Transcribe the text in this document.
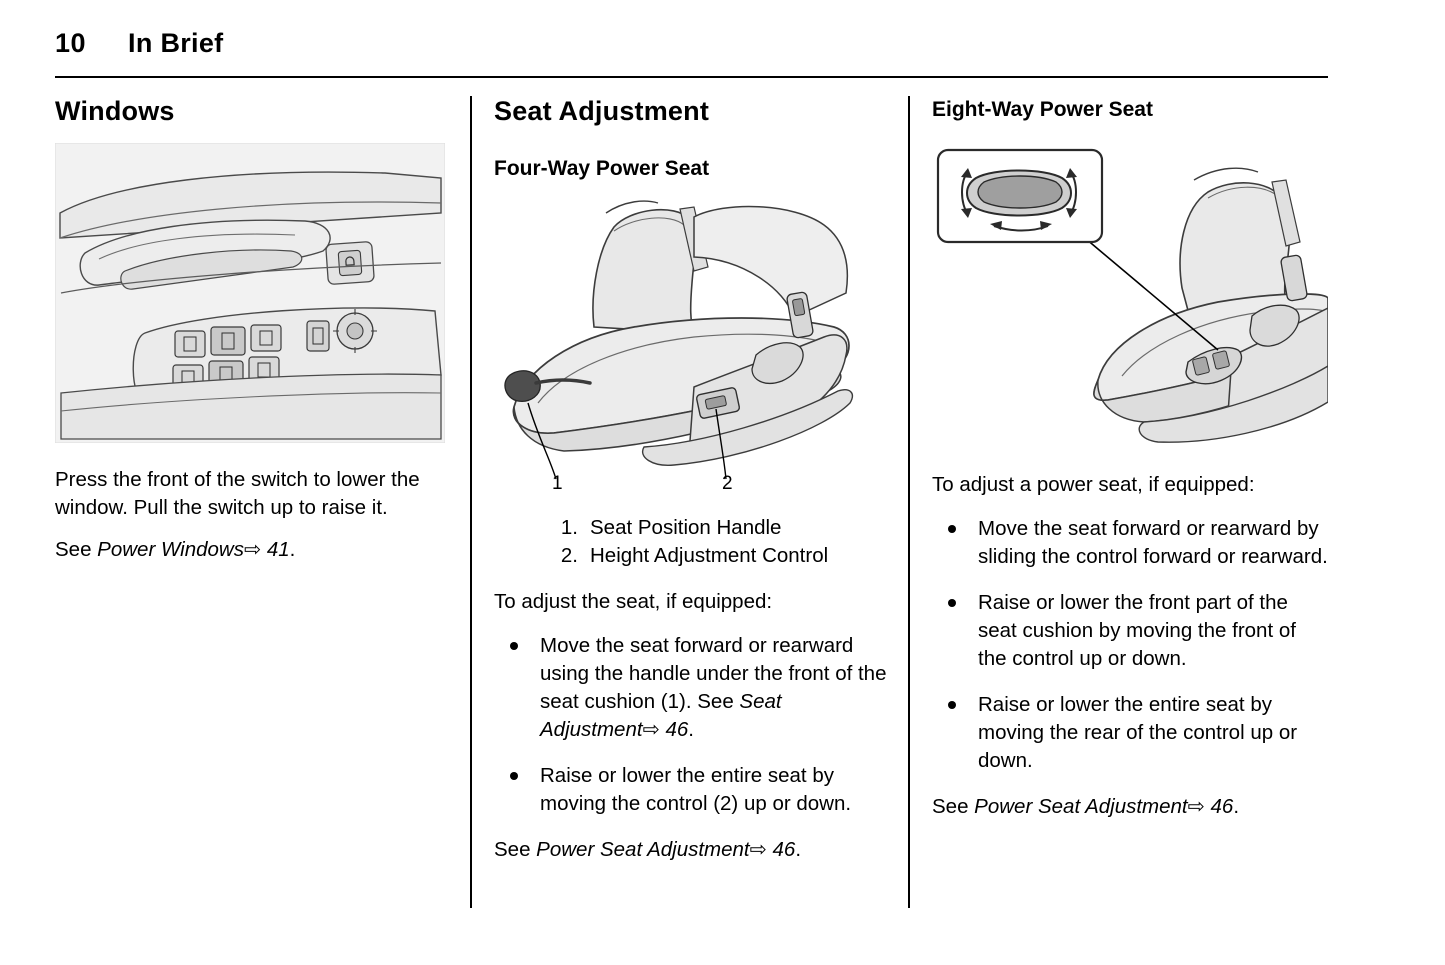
10 In Brief
Windows

Press the front of the switch to lower the window. Pull the switch up to raise it.

See Power Windows⇨ 41.

Seat Adjustment
Four-Way Power Seat
1	2
1. Seat Position Handle
2. Height Adjustment Control

To adjust the seat, if equipped:

Move the seat forward or rearward using the handle under the front of the seat cushion (1). See Seat Adjustment⇨ 46.
Raise or lower the entire seat by moving the control (2) up or down.

See Power Seat Adjustment⇨ 46.

Eight-Way Power Seat

To adjust a power seat, if equipped:

Move the seat forward or rearward by sliding the control forward or rearward.
Raise or lower the front part of the seat cushion by moving the front of the control up or down.
Raise or lower the entire seat by moving the rear of the control up or down.

See Power Seat Adjustment⇨ 46.
